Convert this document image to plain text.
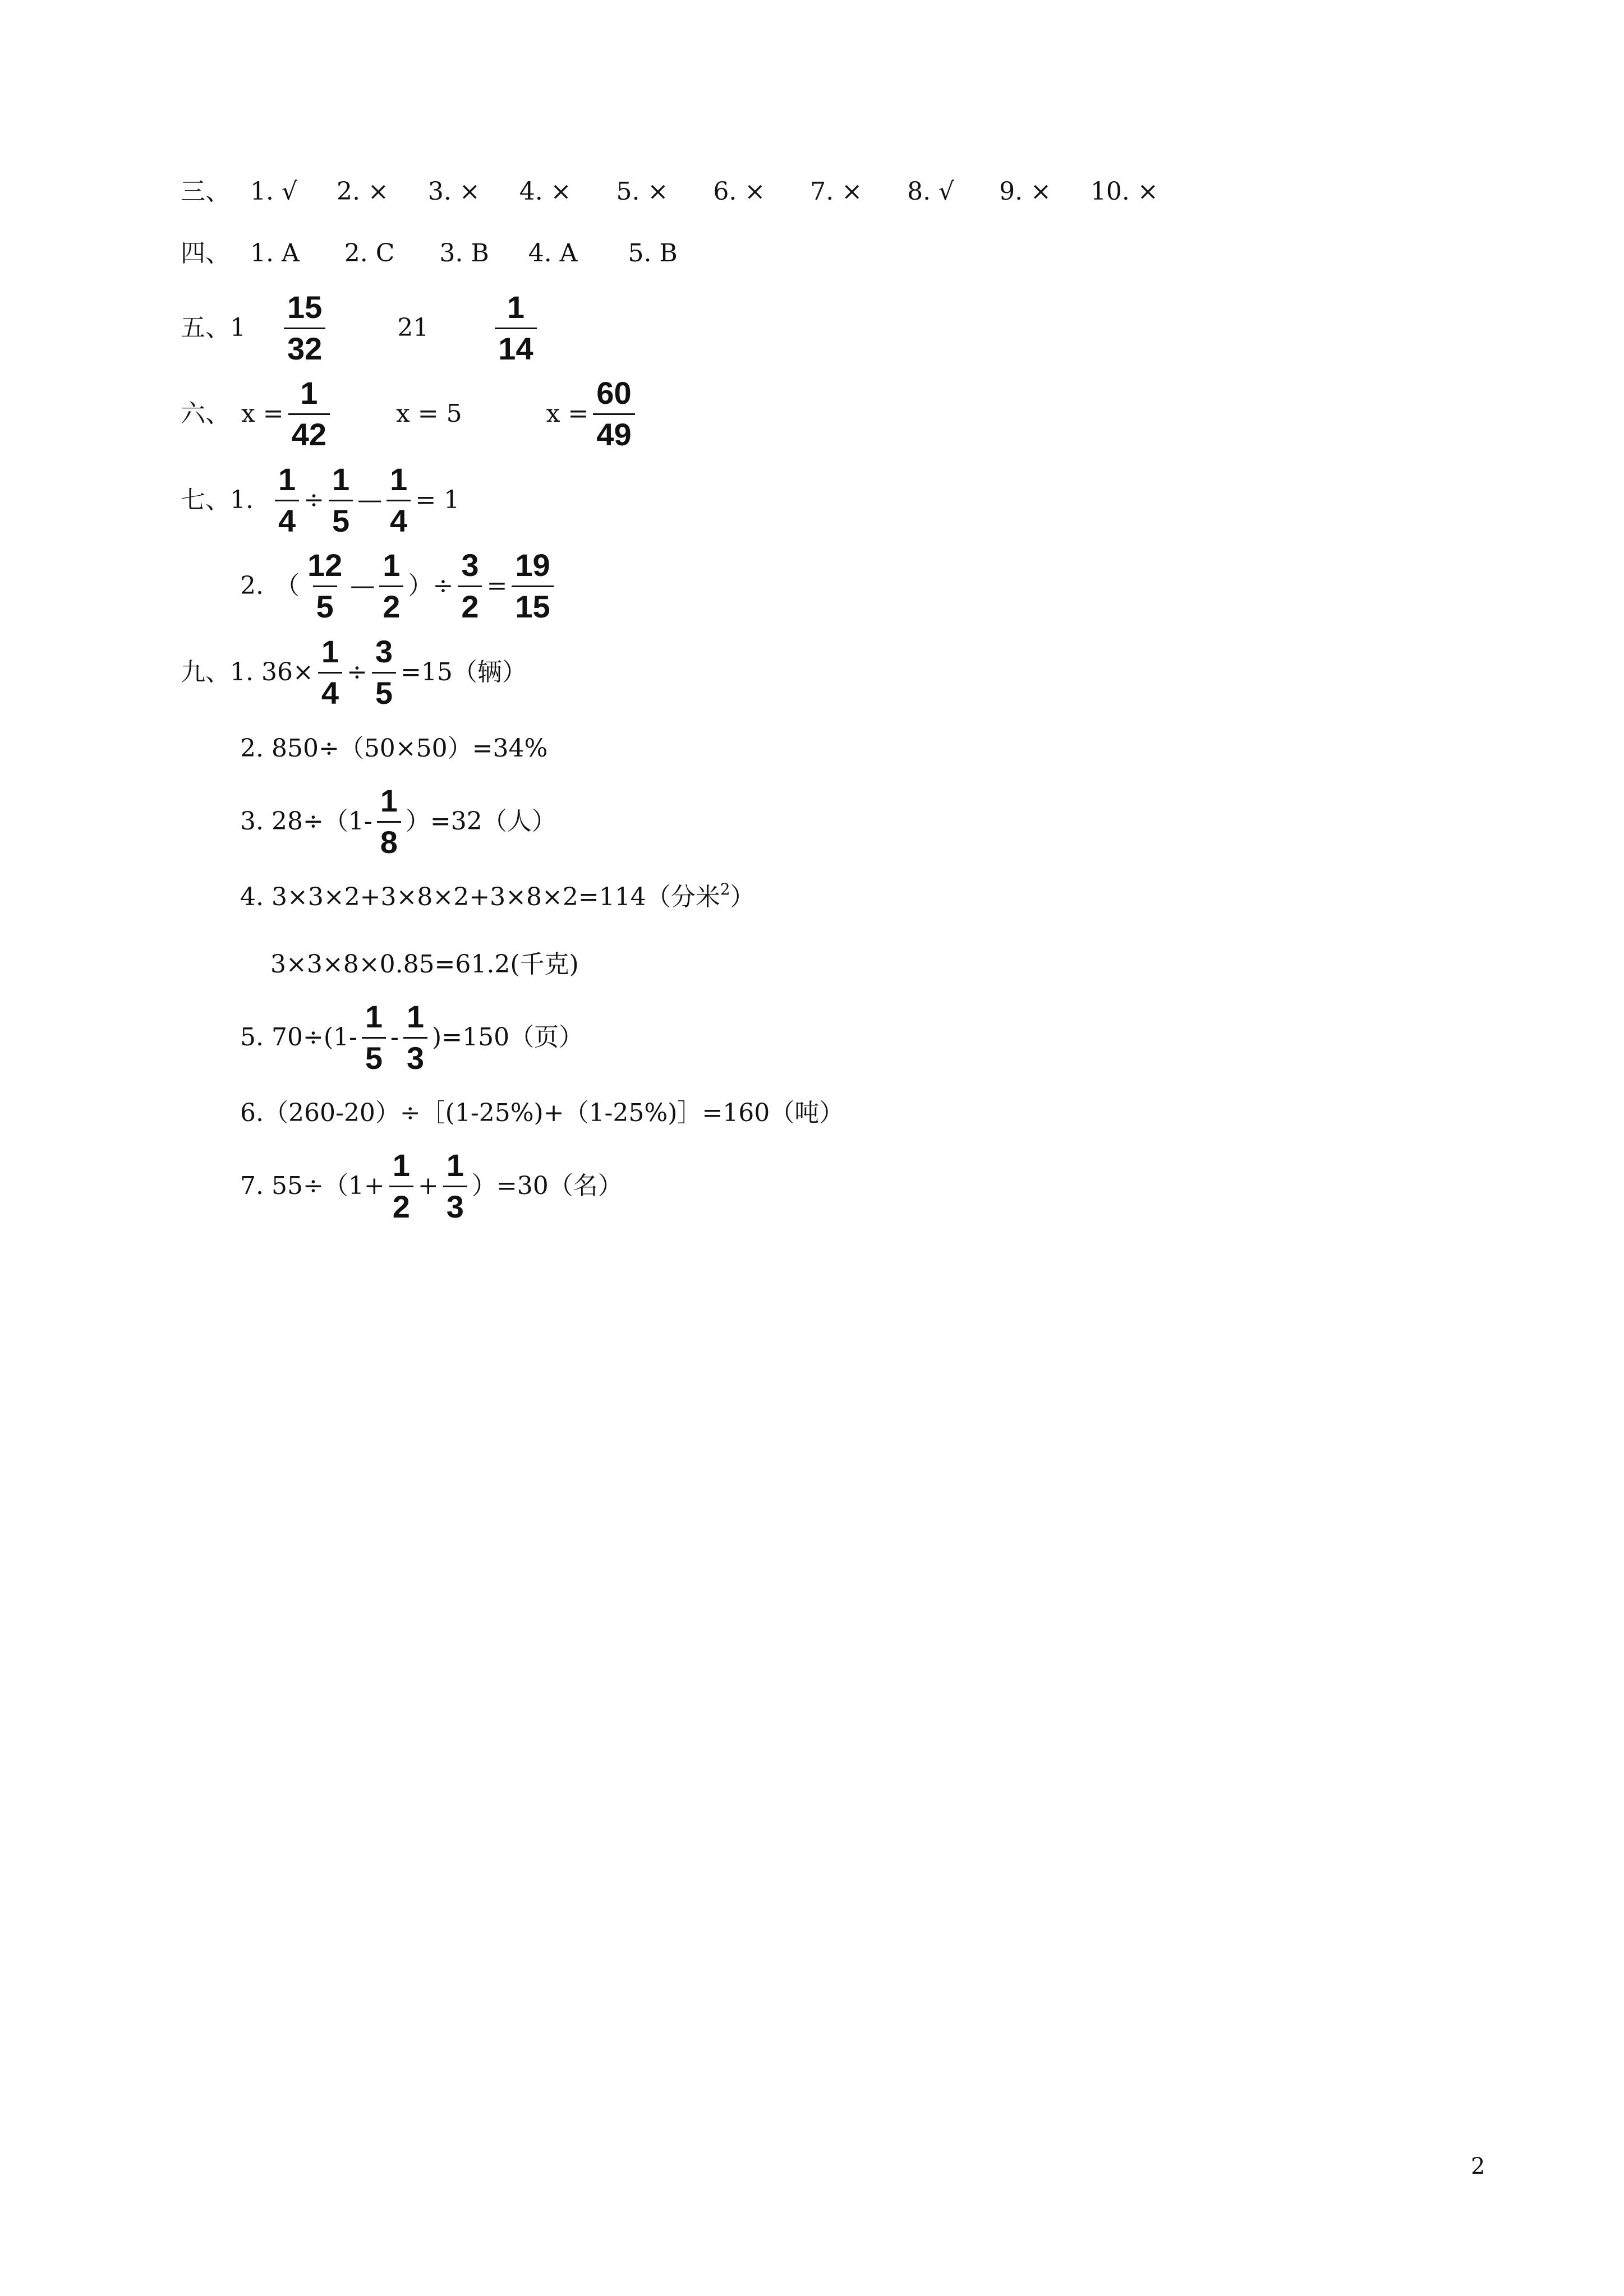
三、 1. √ 2. × 3. × 4. × 5. × 6. × 7. × 8. √ 9. × 10. ×
四、 1. A 2. C 3. B 4. A 5. B
五、 $1 \frac{15}{32}$	$21 \frac{1}{14}$
六、 $x = \frac{1}{42}$	x = 5	$x = \frac{60}{49}$
七、 1. $\frac{1}{4} \div \frac{1}{5}$ — $\frac{1}{4} = 1$
2. （ $\frac{12}{5}$ — $\frac{1}{2}$ ） ÷ $\frac{3}{2} = \frac{19}{15}$
九、 1. $36\times \frac{1}{4} \div \frac{3}{5} =15$（辆）
2. 850÷（50×50）=34%
3. $28\div(1- \frac{1}{8} )=32$（人）
4. 3×3×2+3×8×2+3×8×2=114（分米$^2$ ）
3×3×8×0.85=61.2(千克)
5. $70\div(1- \frac{1}{5} - \frac{1}{3} )=150$（页）
6.（260-20）÷［(1-25%)+（1-25%)］=160（吨）
7. $55\div(1+ \frac{1}{2} + \frac{1}{3} )=30$（名）
2
